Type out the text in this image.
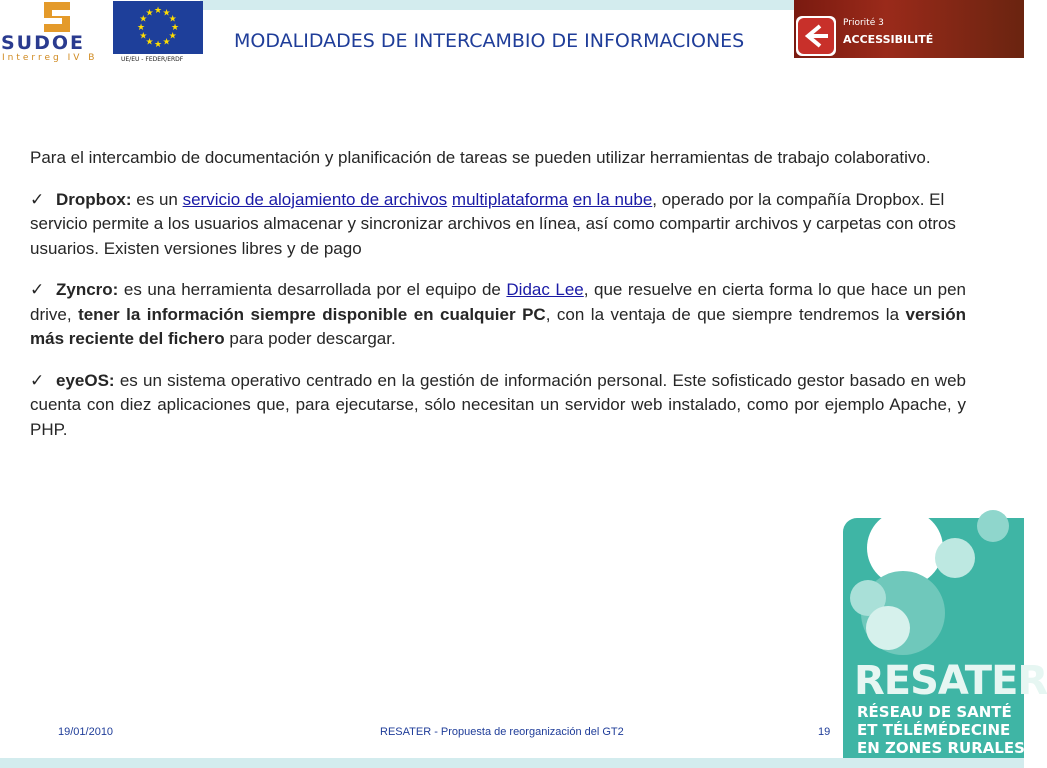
SUDOE
Interreg IV B
★ ★
★
★
★
★
★
★
★
★
★
★
UE/EU - FEDER/ERDF
MODALIDADES DE INTERCAMBIO DE INFORMACIONES
Priorité 3
ACCESSIBILITÉ

Para el intercambio de documentación y planificación de tareas se pueden utilizar herramientas de trabajo colaborativo.

✓ Dropbox: es un servicio de alojamiento de archivos multiplataforma en la nube, operado por la compañía Dropbox. El servicio permite a los usuarios almacenar y sincronizar archivos en línea, así como compartir archivos y carpetas con otros usuarios. Existen versiones libres y de pago

✓ Zyncro: es una herramienta desarrollada por el equipo de Didac Lee, que resuelve en cierta forma lo que hace un pen drive, tener la información siempre disponible en cualquier PC, con la ventaja de que siempre tendremos la versión más reciente del fichero para poder descargar.

✓ eyeOS: es un sistema operativo centrado en la gestión de información personal. Este sofisticado gestor basado en web cuenta con diez aplicaciones que, para ejecutarse, sólo necesitan un servidor web instalado, como por ejemplo Apache, y PHP.

RESATER
RÉSEAU DE SANTÉ
ET TÉLÉMÉDECINE
EN ZONES RURALES
19/01/2010	RESATER - Propuesta de reorganización del GT2	19
